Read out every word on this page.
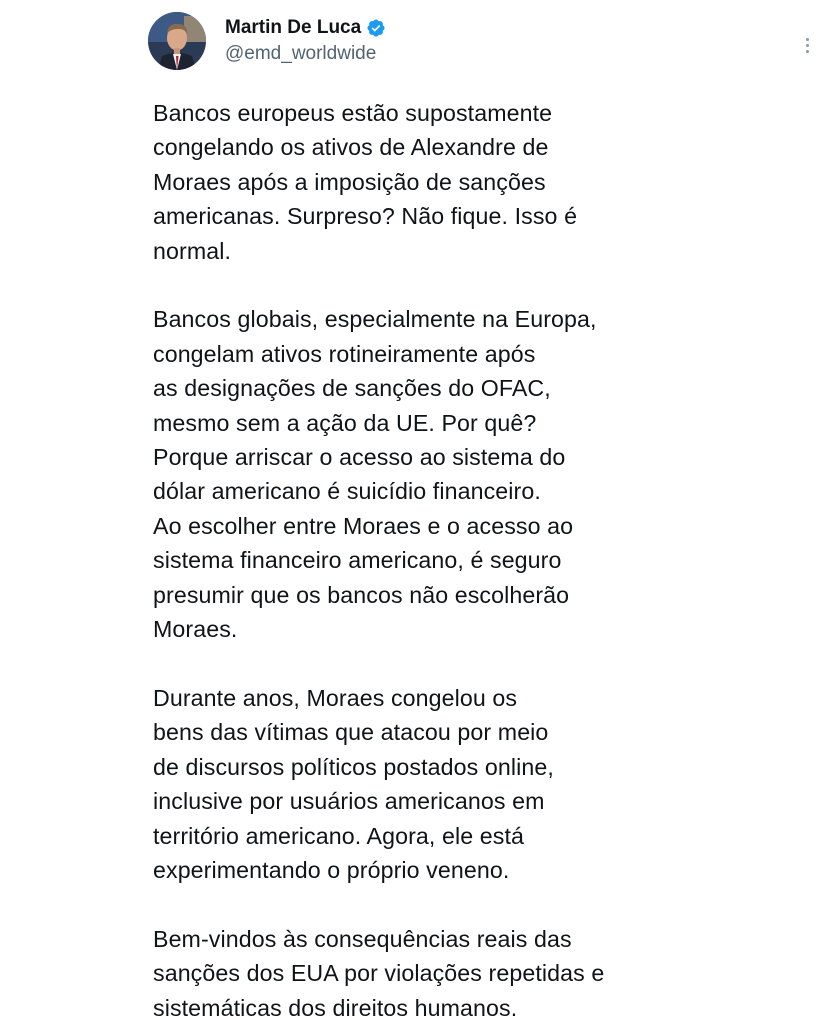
Martin De Luca
@emd_worldwide

Bancos europeus estão supostamente
congelando os ativos de Alexandre de
Moraes após a imposição de sanções
americanas. Surpreso? Não fique. Isso é
normal.

Bancos globais, especialmente na Europa,
congelam ativos rotineiramente após
as designações de sanções do OFAC,
mesmo sem a ação da UE. Por quê?
Porque arriscar o acesso ao sistema do
dólar americano é suicídio financeiro.
Ao escolher entre Moraes e o acesso ao
sistema financeiro americano, é seguro
presumir que os bancos não escolherão
Moraes.

Durante anos, Moraes congelou os
bens das vítimas que atacou por meio
de discursos políticos postados online,
inclusive por usuários americanos em
território americano. Agora, ele está
experimentando o próprio veneno.

Bem-vindos às consequências reais das
sanções dos EUA por violações repetidas e
sistemáticas dos direitos humanos.
